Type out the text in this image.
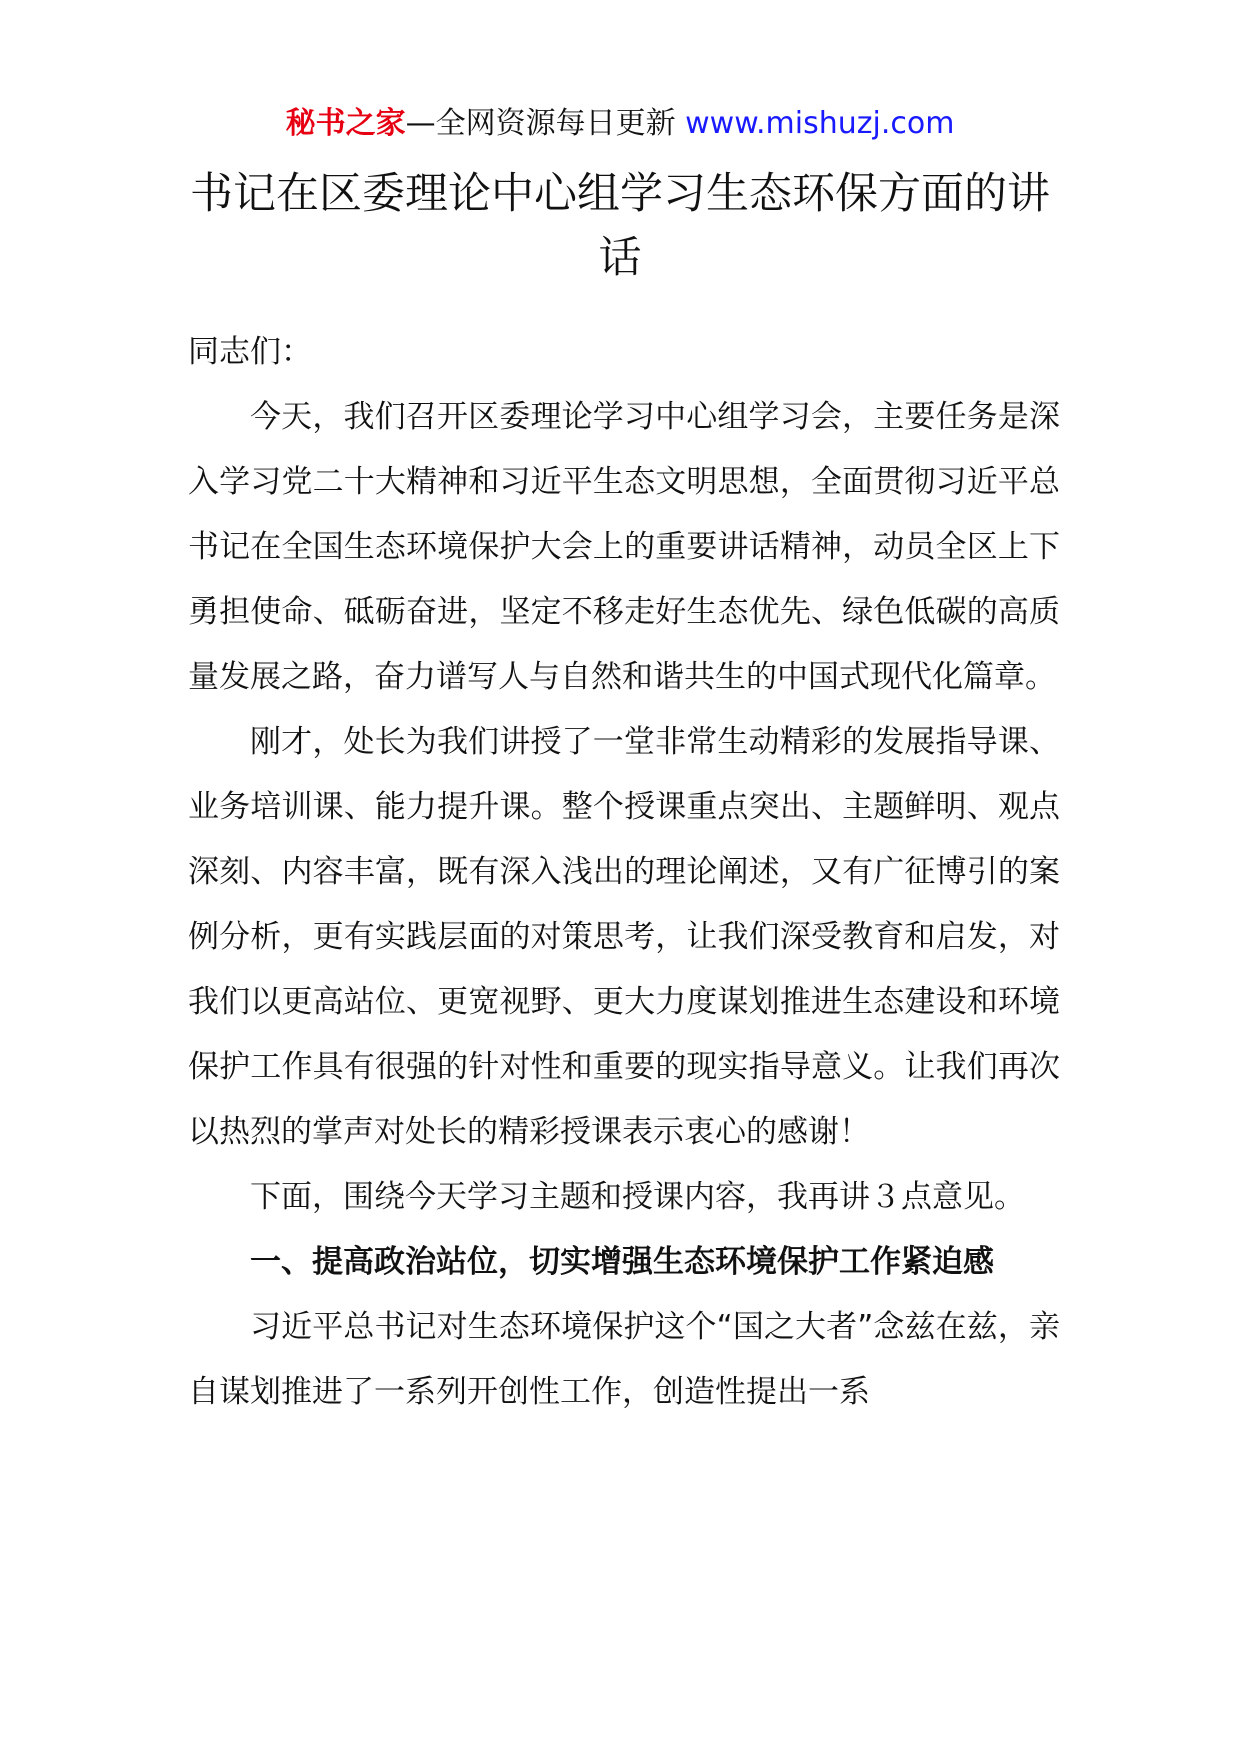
秘书之家—全网资源每日更新 www.mishuzj.com
书记在区委理论中心组学习生态环保方面的讲话

同志们：

今天，我们召开区委理论学习中心组学习会，主要任务是深入学习党二十大精神和习近平生态文明思想，全面贯彻习近平总书记在全国生态环境保护大会上的重要讲话精神，动员全区上下勇担使命、砥砺奋进，坚定不移走好生态优先、绿色低碳的高质量发展之路，奋力谱写人与自然和谐共生的中国式现代化篇章。

刚才，处长为我们讲授了一堂非常生动精彩的发展指导课、业务培训课、能力提升课。整个授课重点突出、主题鲜明、观点深刻、内容丰富，既有深入浅出的理论阐述，又有广征博引的案例分析，更有实践层面的对策思考，让我们深受教育和启发，对我们以更高站位、更宽视野、更大力度谋划推进生态建设和环境保护工作具有很强的针对性和重要的现实指导意义。让我们再次以热烈的掌声对处长的精彩授课表示衷心的感谢！

下面，围绕今天学习主题和授课内容，我再讲３点意见。

一、提高政治站位，切实增强生态环境保护工作紧迫感

习近平总书记对生态环境保护这个“国之大者”念兹在兹，亲自谋划推进了一系列开创性工作，创造性提出一系
